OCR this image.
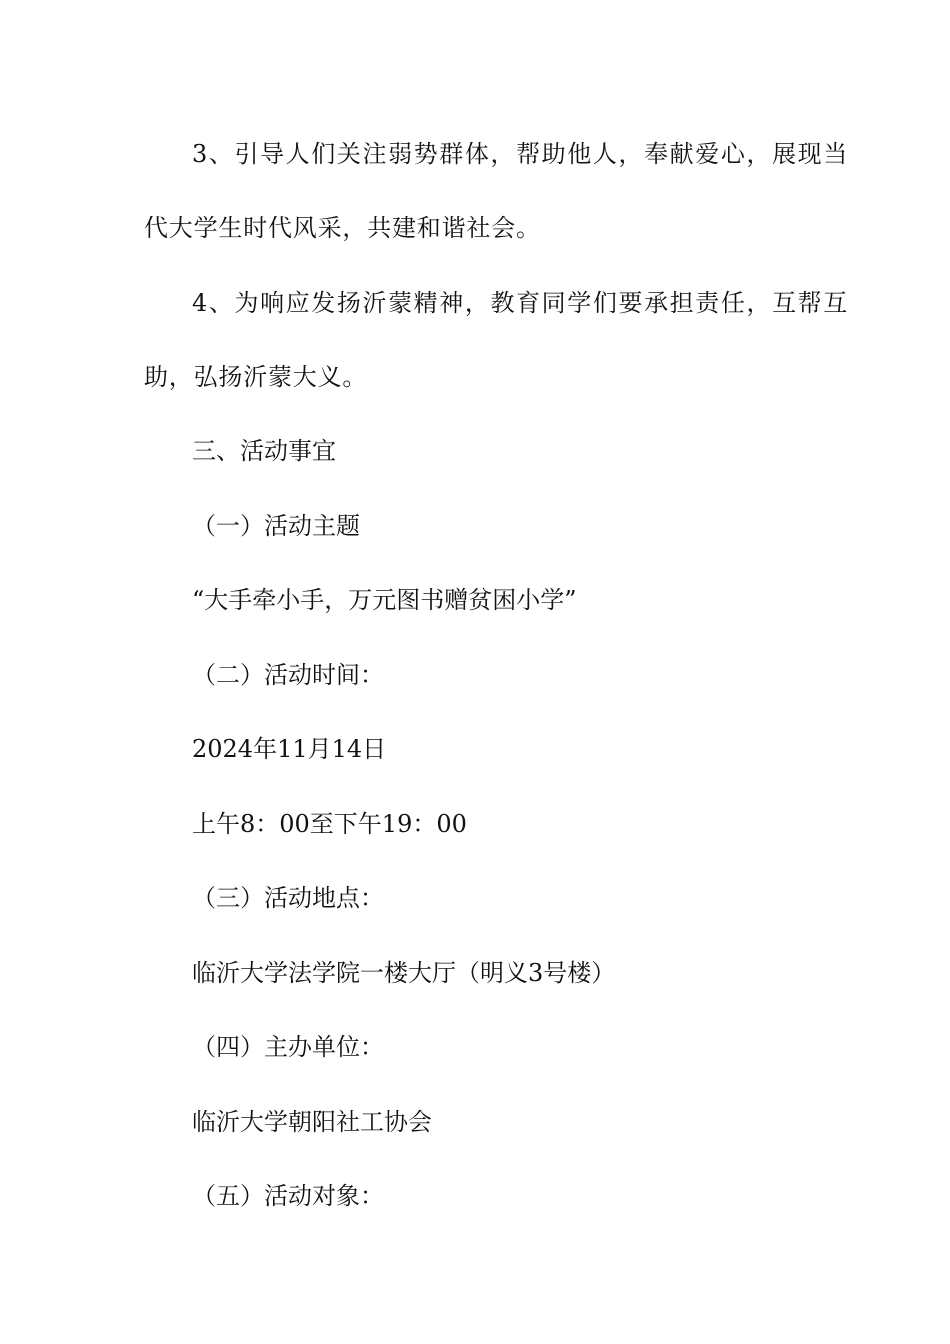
3、引导人们关注弱势群体，帮助他人，奉献爱心，展现当
代大学生时代风采，共建和谐社会。
4、为响应发扬沂蒙精神，教育同学们要承担责任，互帮互
助，弘扬沂蒙大义。
三、活动事宜
（一）活动主题
“大手牵小手，万元图书赠贫困小学”
（二）活动时间：
2024年11月14日
上午8：00至下午19：00
（三）活动地点：
临沂大学法学院一楼大厅（明义3号楼）
（四）主办单位：
临沂大学朝阳社工协会
（五）活动对象：
